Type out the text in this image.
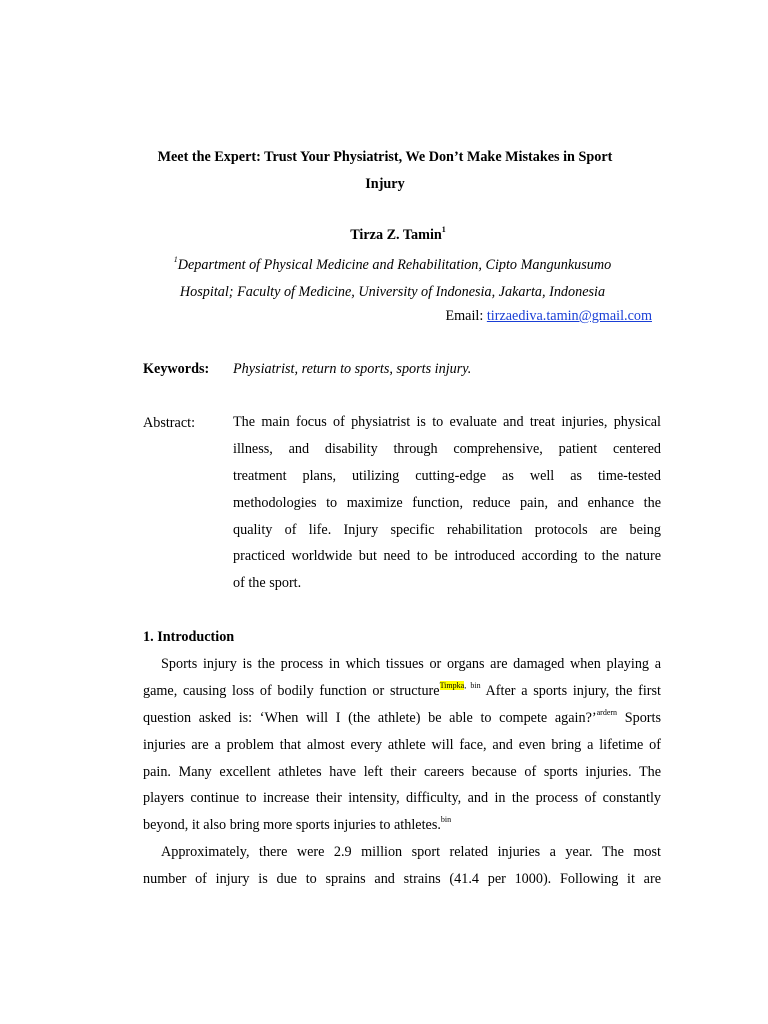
Meet the Expert: Trust Your Physiatrist, We Don’t Make Mistakes in Sport
Injury
Tirza Z. Tamin$^1$
$^1$Department of Physical Medicine and Rehabilitation, Cipto Mangunkusumo
Hospital; Faculty of Medicine, University of Indonesia, Jakarta, Indonesia
Email: tirzaediva.tamin@gmail.com
Keywords: Physiatrist, return to sports, sports injury.
Abstract:	The main focus of physiatrist is to evaluate and treat injuries, physical
illness, and disability through comprehensive, patient centered
treatment plans, utilizing cutting-edge as well as time-tested
methodologies to maximize function, reduce pain, and enhance the
quality of life. Injury specific rehabilitation protocols are being
practiced worldwide but need to be introduced according to the nature
of the sport.
1. Introduction
Sports injury is the process in which tissues or organs are damaged when playing a
game, causing loss of bodily function or structure$^{Timpka, bin}$ After a sports injury, the first
question asked is: ‘When will I (the athlete) be able to compete again?’$^{ardern}$ Sports
injuries are a problem that almost every athlete will face, and even bring a lifetime of
pain. Many excellent athletes have left their careers because of sports injuries. The
players continue to increase their intensity, difficulty, and in the process of constantly
beyond, it also bring more sports injuries to athletes.$^{bin}$
Approximately, there were 2.9 million sport related injuries a year. The most
number of injury is due to sprains and strains (41.4 per 1000). Following it are
